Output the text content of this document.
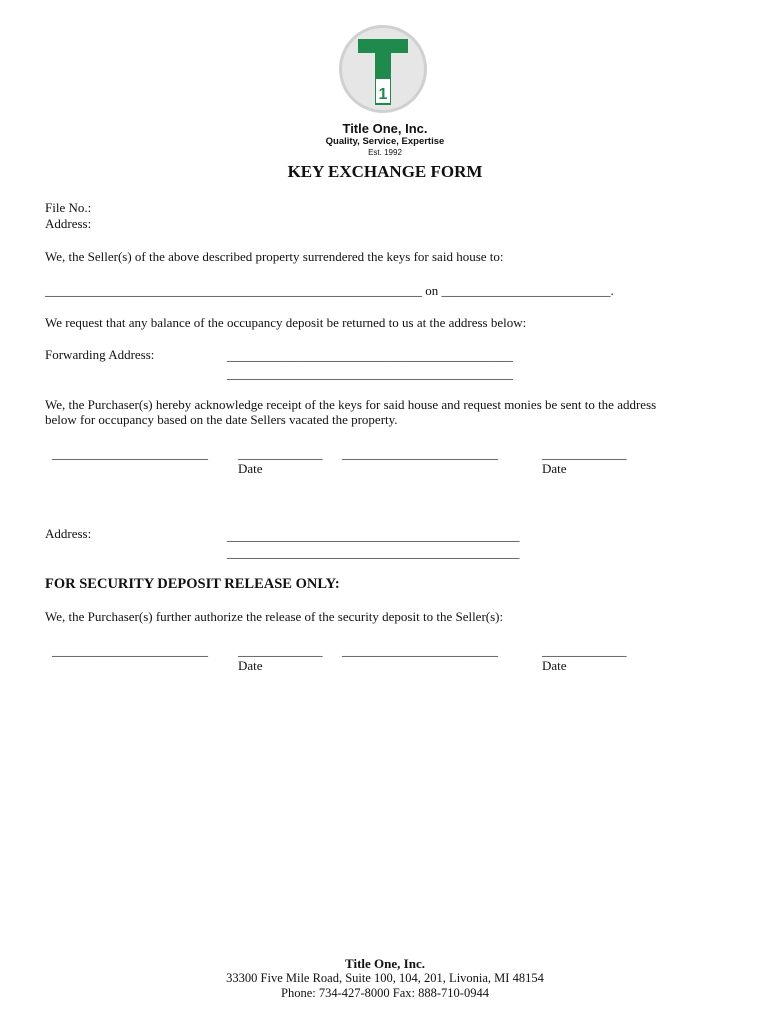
1
Title One, Inc.
Quality, Service, Expertise
Est. 1992
KEY EXCHANGE FORM
File No.:
Address:
We, the Seller(s) of the above described property surrendered the keys for said house to:
__________________________________________________________ on __________________________.
We request that any balance of the occupancy deposit be returned to us at the address below:
Forwarding Address:	____________________________________________
____________________________________________
We, the Purchaser(s) hereby acknowledge receipt of the keys for said house and request monies be sent to the address
below for occupancy based on the date Sellers vacated the property.
________________________ _____________ ________________________	_____________
Date	Date
Address:	_____________________________________________
_____________________________________________
FOR SECURITY DEPOSIT RELEASE ONLY:
We, the Purchaser(s) further authorize the release of the security deposit to the Seller(s):
________________________ _____________ ________________________	_____________
Date	Date
Title One, Inc.
33300 Five Mile Road, Suite 100, 104, 201, Livonia, MI 48154
Phone: 734-427-8000 Fax: 888-710-0944
